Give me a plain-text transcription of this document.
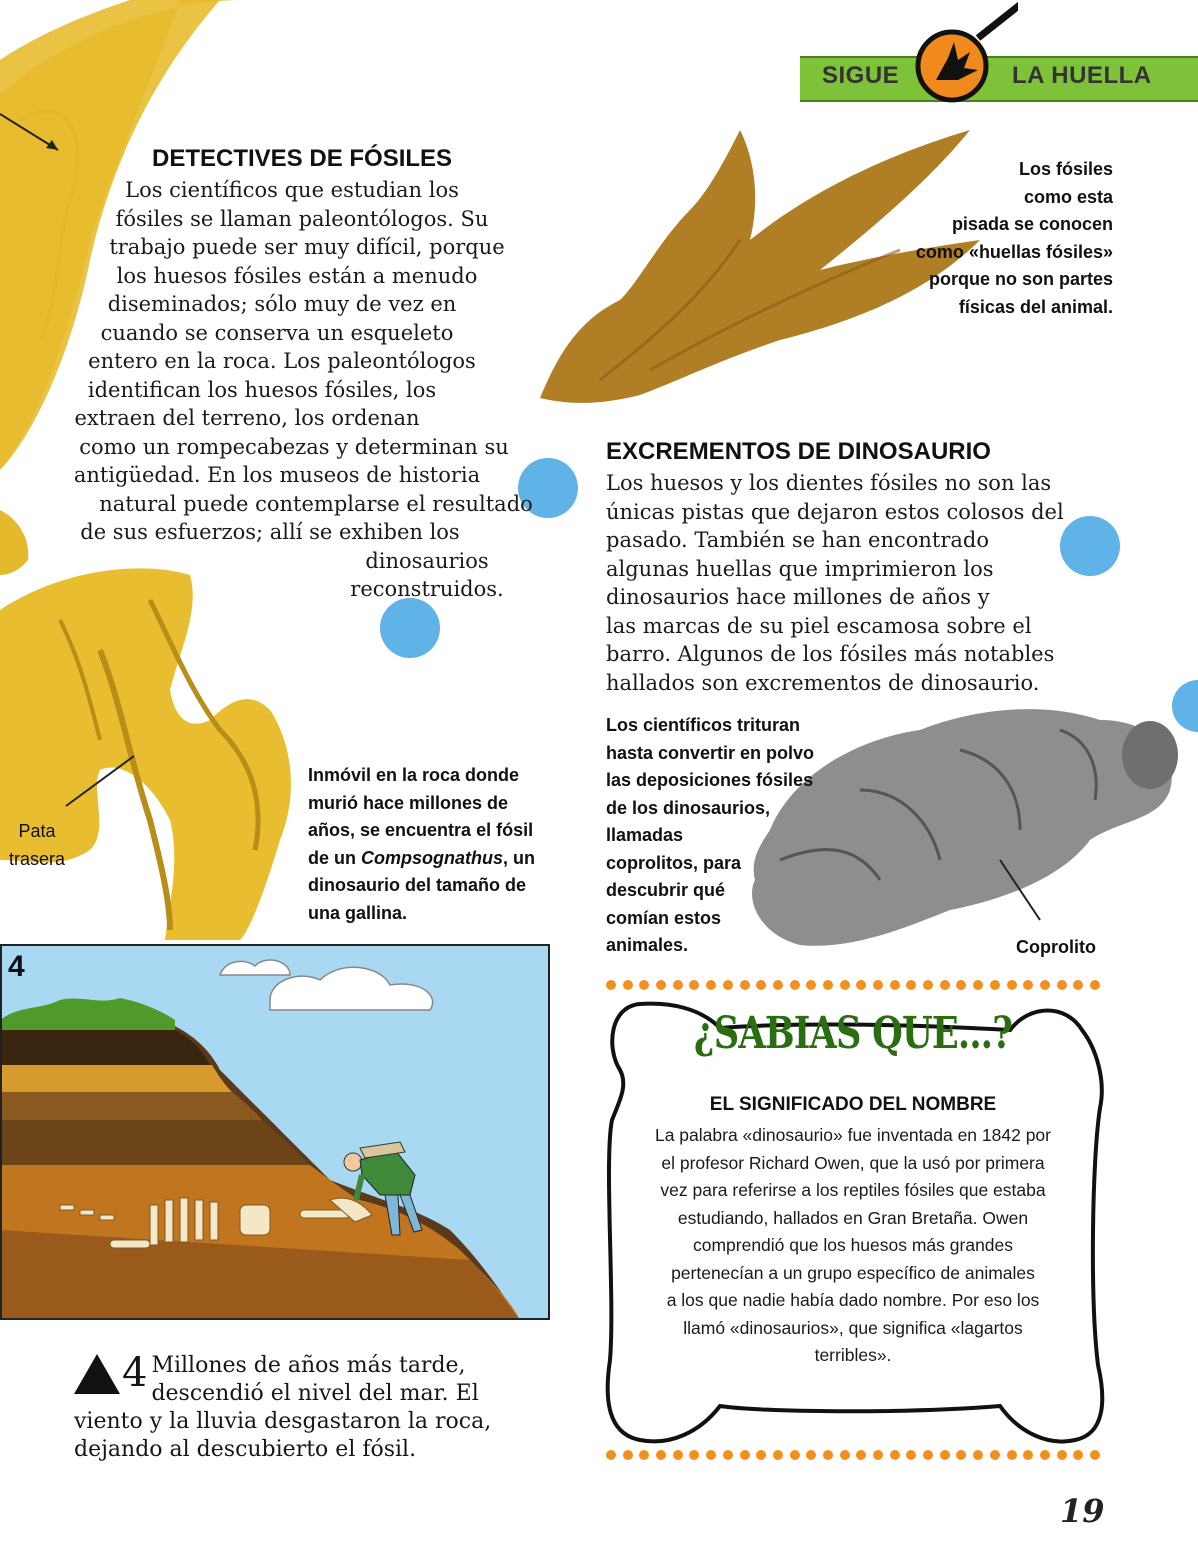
SIGUE	LA HUELLA
DETECTIVES DE FÓSILES
Los científicos que estudian los
fósiles se llaman paleontólogos. Su
trabajo puede ser muy difícil, porque
los huesos fósiles están a menudo
diseminados; sólo muy de vez en
cuando se conserva un esqueleto
entero en la roca. Los paleontólogos
identifican los huesos fósiles, los
extraen del terreno, los ordenan
como un rompecabezas y determinan su
antigüedad. En los museos de historia
natural puede contemplarse el resultado
de sus esfuerzos; allí se exhiben los
dinosaurios reconstruidos.
Los fósiles
como esta
pisada se conocen
como «huellas fósiles»
porque no son partes
físicas del animal.
EXCREMENTOS DE DINOSAURIO
Los huesos y los dientes fósiles no son las
únicas pistas que dejaron estos colosos del
pasado. También se han encontrado
algunas huellas que imprimieron los
dinosaurios hace millones de años y
las marcas de su piel escamosa sobre el
barro. Algunos de los fósiles más notables
hallados son excrementos de dinosaurio.
Los científicos trituran
hasta convertir en polvo
las deposiciones fósiles
de los dinosaurios,
llamadas
coprolitos, para
descubrir qué
comían estos
animales.	Coprolito
Pata
trasera
Inmóvil en la roca donde
murió hace millones de
años, se encuentra el fósil
de un Compsognathus, un
dinosaurio del tamaño de
una gallina.
4
4 Millones de años más tarde,
descendió el nivel del mar. El
viento y la lluvia desgastaron la roca,
dejando al descubierto el fósil.
¿SABIAS QUE...?
EL SIGNIFICADO DEL NOMBRE
La palabra «dinosaurio» fue inventada en 1842 por
el profesor Richard Owen, que la usó por primera
vez para referirse a los reptiles fósiles que estaba
estudiando, hallados en Gran Bretaña. Owen
comprendió que los huesos más grandes
pertenecían a un grupo específico de animales
a los que nadie había dado nombre. Por eso los
llamó «dinosaurios», que significa «lagartos
terribles».
19
